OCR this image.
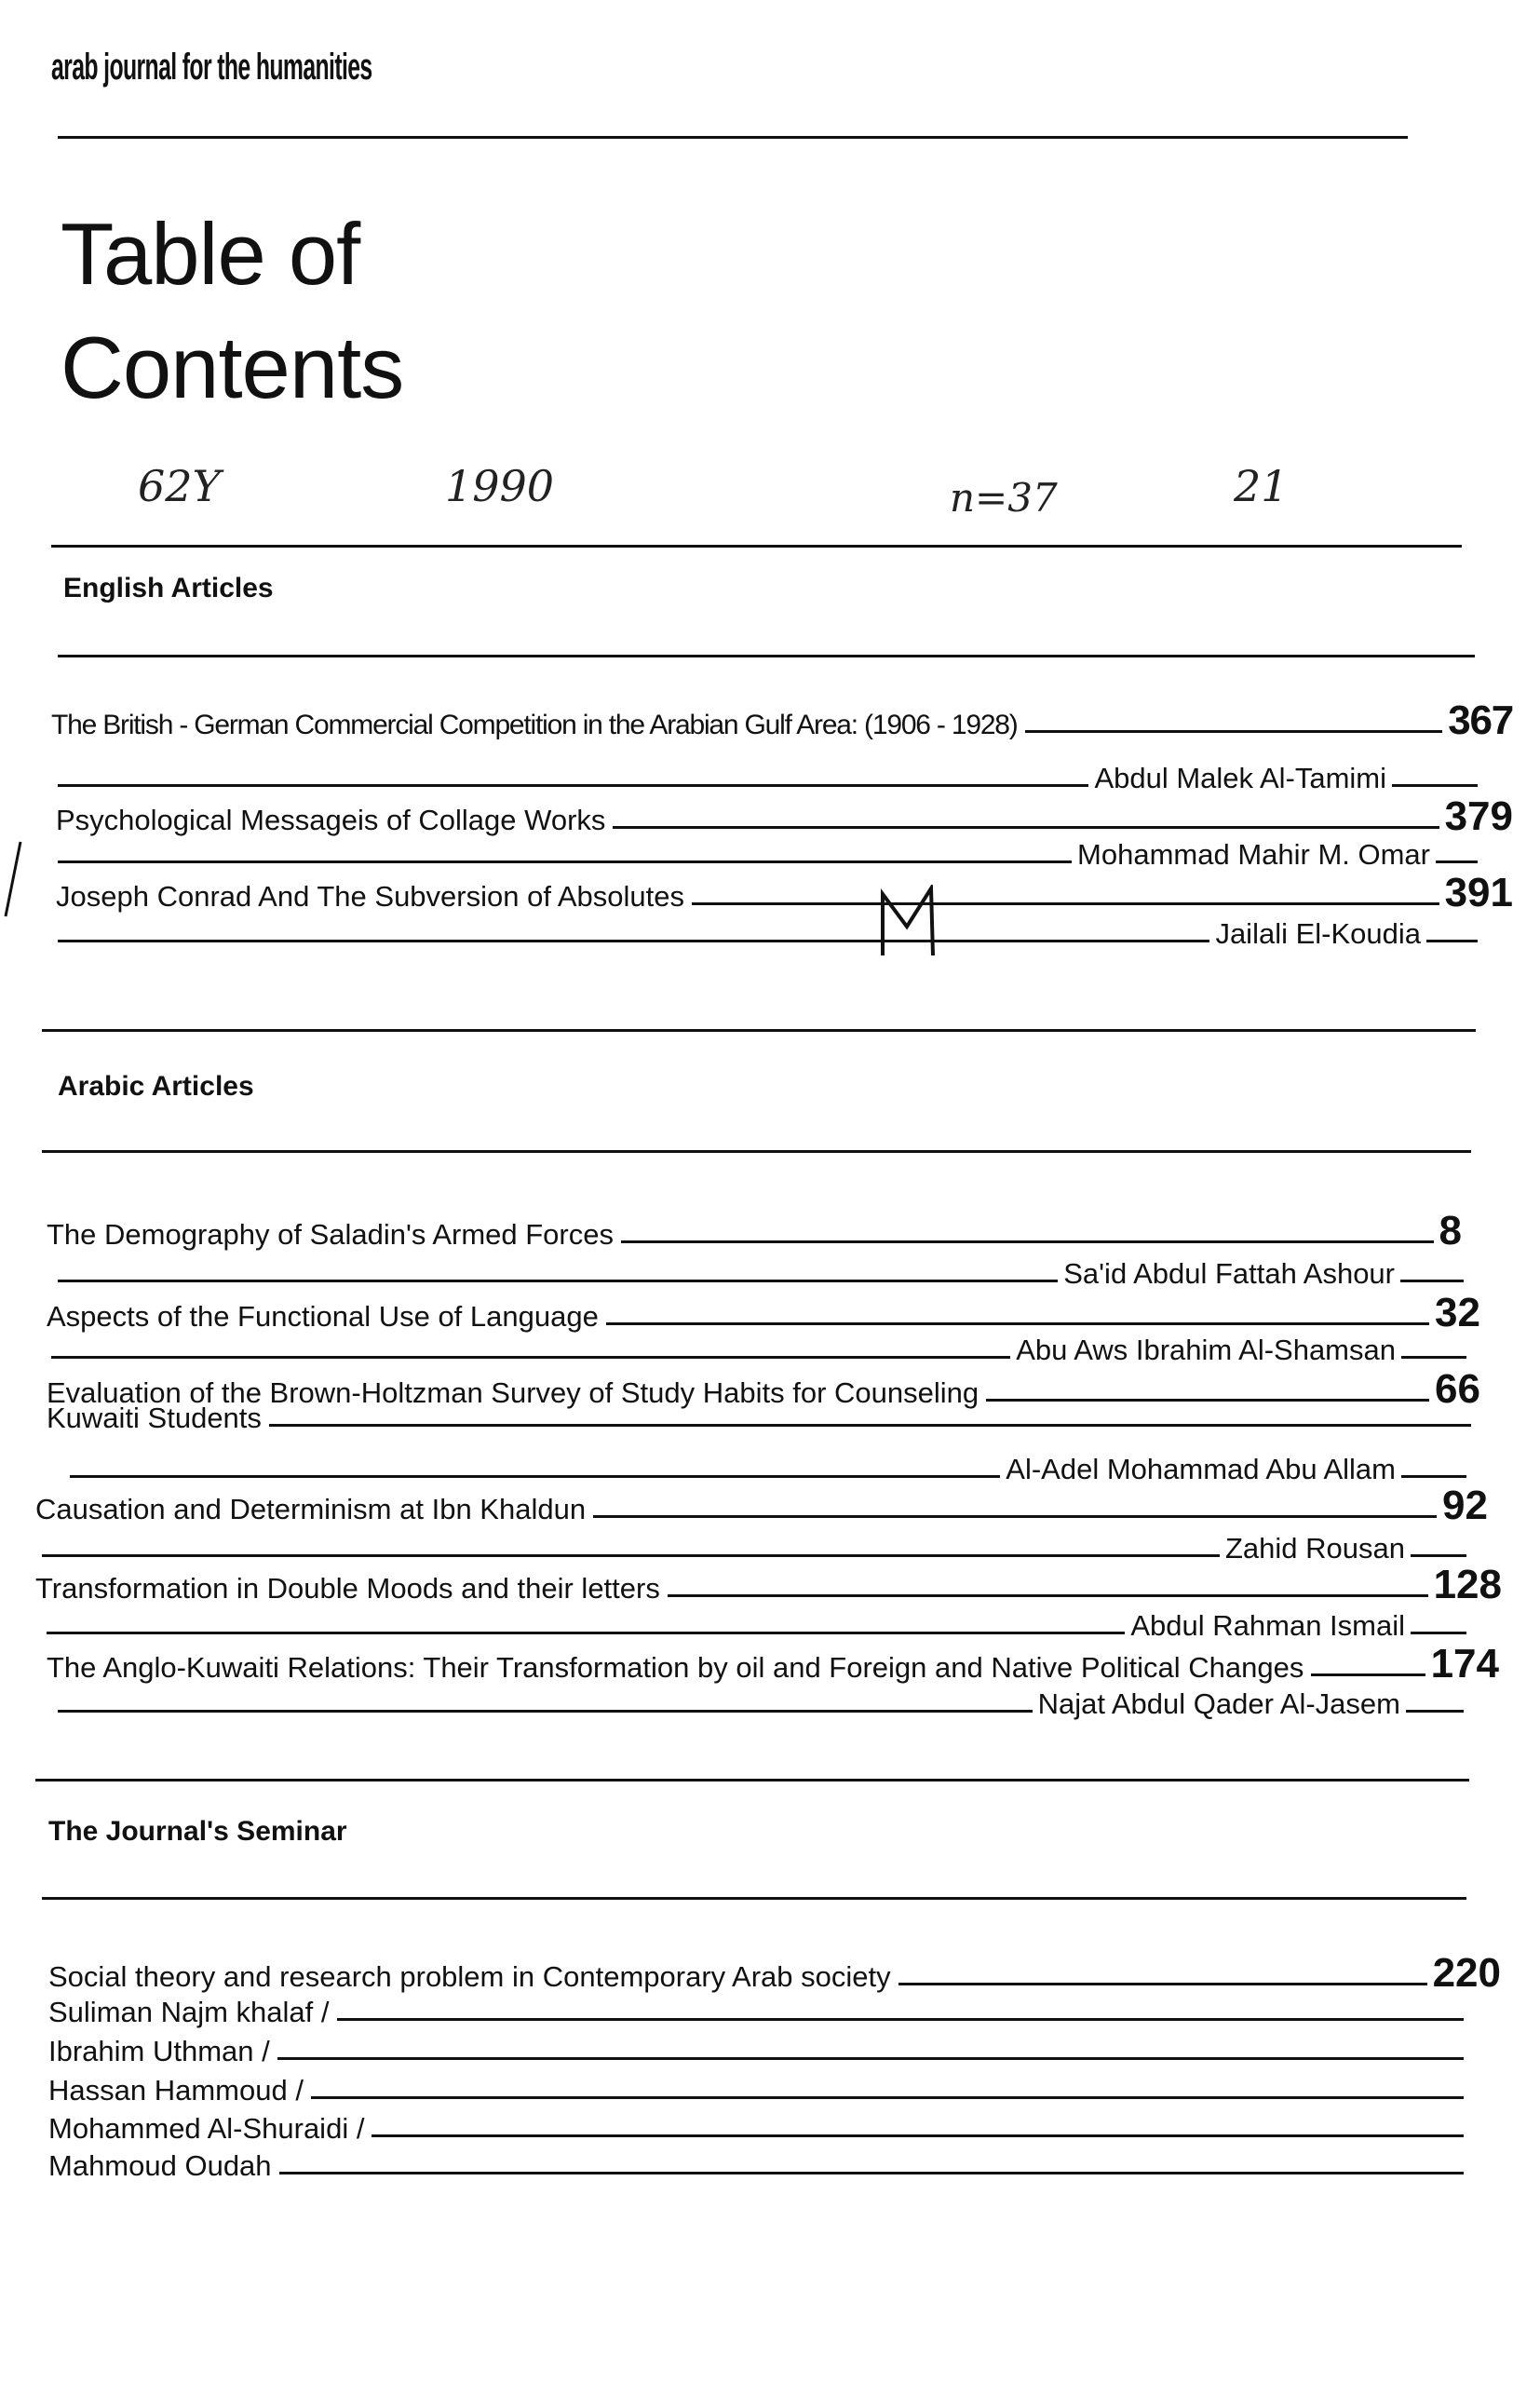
arab journal for the humanities
Table of
Contents
62Y	1990	n=37	21
English Articles
The British - German Commercial Competition in the Arabian Gulf Area: (1906 - 1928)	367
Abdul Malek Al-Tamimi
Psychological Messageis of Collage Works	379
Mohammad Mahir M. Omar
Joseph Conrad And The Subversion of Absolutes	391
Jailali El-Koudia
Arabic Articles
The Demography of Saladin's Armed Forces	8
Sa'id Abdul Fattah Ashour
Aspects of the Functional Use of Language	32
Abu Aws Ibrahim Al-Shamsan
Evaluation of the Brown-Holtzman Survey of Study Habits for Counseling	66
Kuwaiti Students
Al-Adel Mohammad Abu Allam
Causation and Determinism at Ibn Khaldun	92
Zahid Rousan
Transformation in Double Moods and their letters	128
Abdul Rahman Ismail
The Anglo-Kuwaiti Relations: Their Transformation by oil and Foreign and Native Political Changes	174
Najat Abdul Qader Al-Jasem
The Journal's Seminar
Social theory and research problem in Contemporary Arab society	220
Suliman Najm khalaf /
Ibrahim Uthman /
Hassan Hammoud /
Mohammed Al-Shuraidi /
Mahmoud Oudah
